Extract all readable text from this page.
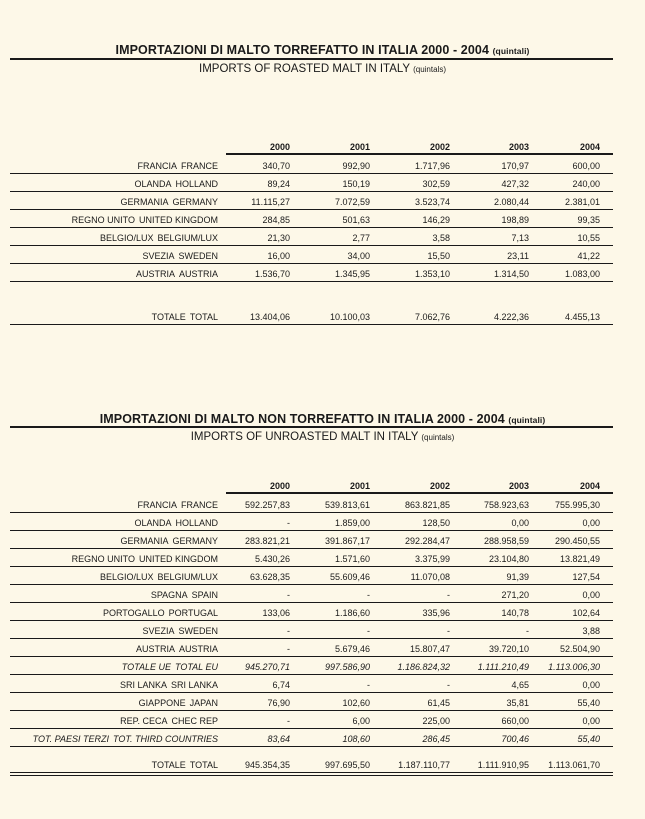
IMPORTAZIONI DI MALTO TORREFATTO IN ITALIA 2000 - 2004 (quintali)
IMPORTS OF ROASTED MALT IN ITALY (quintals)
2000	2001	2002	2003	2004
FRANCIA FRANCE	340,70	992,90	1.717,96	170,97	600,00
OLANDA HOLLAND	89,24	150,19	302,59	427,32	240,00
GERMANIA GERMANY	11.115,27	7.072,59	3.523,74	2.080,44	2.381,01
REGNO UNITO UNITED KINGDOM	284,85	501,63	146,29	198,89	99,35
BELGIO/LUX BELGIUM/LUX	21,30	2,77	3,58	7,13	10,55
SVEZIA SWEDEN	16,00	34,00	15,50	23,11	41,22
AUSTRIA AUSTRIA	1.536,70	1.345,95	1.353,10	1.314,50	1.083,00
TOTALE TOTAL	13.404,06	10.100,03	7.062,76	4.222,36	4.455,13
IMPORTAZIONI DI MALTO NON TORREFATTO IN ITALIA 2000 - 2004 (quintali)
IMPORTS OF UNROASTED MALT IN ITALY (quintals)
2000	2001	2002	2003	2004
FRANCIA FRANCE	592.257,83	539.813,61	863.821,85	758.923,63	755.995,30
OLANDA HOLLAND	-	1.859,00	128,50	0,00	0,00
GERMANIA GERMANY	283.821,21	391.867,17	292.284,47	288.958,59	290.450,55
REGNO UNITO UNITED KINGDOM	5.430,26	1.571,60	3.375,99	23.104,80	13.821,49
BELGIO/LUX BELGIUM/LUX	63.628,35	55.609,46	11.070,08	91,39	127,54
SPAGNA SPAIN	-	-	-	271,20	0,00
PORTOGALLO PORTUGAL	133,06	1.186,60	335,96	140,78	102,64
SVEZIA SWEDEN	-	-	-	-	3,88
AUSTRIA AUSTRIA	-	5.679,46	15.807,47	39.720,10	52.504,90
TOTALE UE TOTAL EU	945.270,71	997.586,90	1.186.824,32	1.111.210,49	1.113.006,30
SRI LANKA SRI LANKA	6,74	-	-	4,65	0,00
GIAPPONE JAPAN	76,90	102,60	61,45	35,81	55,40
REP. CECA CHEC REP	-	6,00	225,00	660,00	0,00
TOT. PAESI TERZI TOT. THIRD COUNTRIES	83,64	108,60	286,45	700,46	55,40
TOTALE TOTAL	945.354,35	997.695,50	1.187.110,77	1.111.910,95	1.113.061,70
